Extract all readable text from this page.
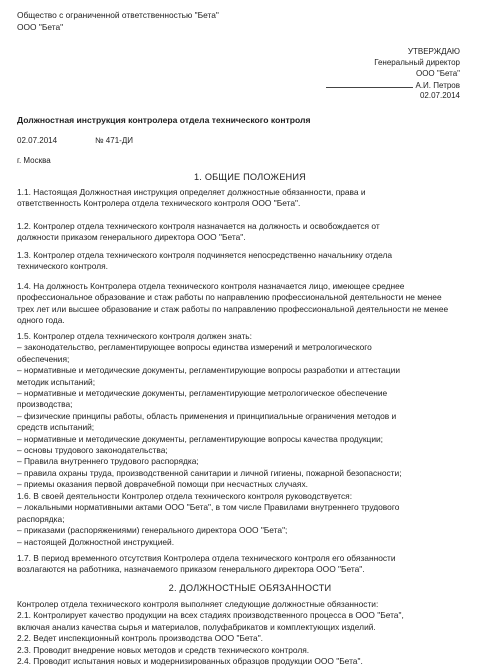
Общество с ограниченной ответственностью "Бета"
ООО "Бета"
УТВЕРЖДАЮ
Генеральный директор
ООО "Бета"
А.И. Петров
02.07.2014
Должностная инструкция контролера отдела технического контроля
02.07.2014	№ 471-ДИ
г. Москва
1. ОБЩИЕ ПОЛОЖЕНИЯ
1.1. Настоящая Должностная инструкция определяет должностные обязанности, права и
ответственность Контролера отдела технического контроля ООО "Бета".
1.2. Контролер отдела технического контроля назначается на должность и освобождается от
должности приказом генерального директора ООО "Бета".
1.3. Контролер отдела технического контроля подчиняется непосредственно начальнику отдела
технического контроля.
1.4. На должность Контролера отдела технического контроля назначается лицо, имеющее среднее
профессиональное образование и стаж работы по направлению профессиональной деятельности не менее
трех лет или высшее образование и стаж работы по направлению профессиональной деятельности не менее
одного года.
1.5. Контролер отдела технического контроля должен знать:
– законодательство, регламентирующее вопросы единства измерений и метрологического
обеспечения;
– нормативные и методические документы, регламентирующие вопросы разработки и аттестации
методик испытаний;
– нормативные и методические документы, регламентирующие метрологическое обеспечение
производства;
– физические принципы работы, область применения и принципиальные ограничения методов и
средств испытаний;
– нормативные и методические документы, регламентирующие вопросы качества продукции;
– основы трудового законодательства;
– Правила внутреннего трудового распорядка;
– правила охраны труда, производственной санитарии и личной гигиены, пожарной безопасности;
– приемы оказания первой доврачебной помощи при несчастных случаях.
1.6. В своей деятельности Контролер отдела технического контроля руководствуется:
– локальными нормативными актами ООО "Бета", в том числе Правилами внутреннего трудового
распорядка;
– приказами (распоряжениями) генерального директора ООО "Бета";
– настоящей Должностной инструкцией.
1.7. В период временного отсутствия Контролера отдела технического контроля его обязанности
возлагаются на работника, назначаемого приказом генерального директора ООО "Бета".
2. ДОЛЖНОСТНЫЕ ОБЯЗАННОСТИ
Контролер отдела технического контроля выполняет следующие должностные обязанности:
2.1. Контролирует качество продукции на всех стадиях производственного процесса в ООО "Бета",
включая анализ качества сырья и материалов, полуфабрикатов и комплектующих изделий.
2.2. Ведет инспекционный контроль производства ООО "Бета".
2.3. Проводит внедрение новых методов и средств технического контроля.
2.4. Проводит испытания новых и модернизированных образцов продукции ООО "Бета".
